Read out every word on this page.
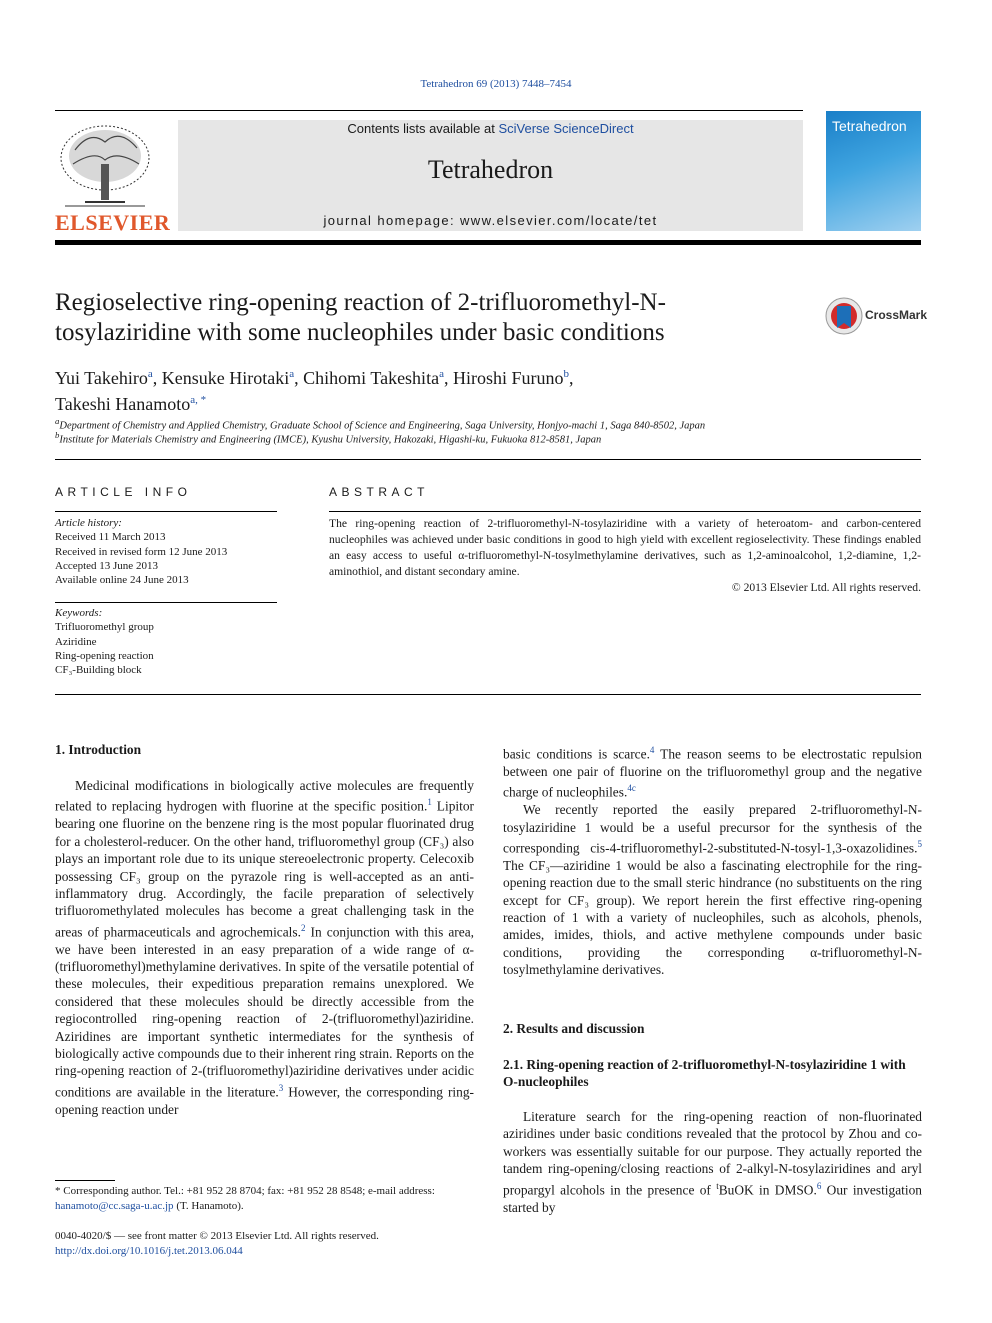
Tetrahedron 69 (2013) 7448–7454
ELSEVIER
Contents lists available at SciVerse ScienceDirect
Tetrahedron
journal homepage: www.elsevier.com/locate/tet
Tetrahedron
Regioselective ring-opening reaction of 2-trifluoromethyl-N-tosylaziridine with some nucleophiles under basic conditions
CrossMark
Yui Takehiro$^a$, Kensuke Hirotaki$^a$, Chihomi Takeshita$^a$, Hiroshi Furuno$^b$,
Takeshi Hanamoto$^{a, *}$
$^a$Department of Chemistry and Applied Chemistry, Graduate School of Science and Engineering, Saga University, Honjyo-machi 1, Saga 840-8502, Japan
$^b$Institute for Materials Chemistry and Engineering (IMCE), Kyushu University, Hakozaki, Higashi-ku, Fukuoka 812-8581, Japan
ARTICLE INFO
Article history:
Received 11 March 2013
Received in revised form 12 June 2013
Accepted 13 June 2013
Available online 24 June 2013
Keywords:
Trifluoromethyl group
Aziridine
Ring-opening reaction
CF₃-Building block
ABSTRACT
The ring-opening reaction of 2-trifluoromethyl-N-tosylaziridine with a variety of heteroatom- and carbon-centered nucleophiles was achieved under basic conditions in good to high yield with excellent regioselectivity. These findings enabled an easy access to useful α-trifluoromethyl-N-tosylmethylamine derivatives, such as 1,2-aminoalcohol, 1,2-diamine, 1,2-aminothiol, and distant secondary amine.
© 2013 Elsevier Ltd. All rights reserved.
1. Introduction

Medicinal modifications in biologically active molecules are frequently related to replacing hydrogen with fluorine at the specific position.$^1$ Lipitor bearing one fluorine on the benzene ring is the most popular fluorinated drug for a cholesterol-reducer. On the other hand, trifluoromethyl group (CF₃) also plays an important role due to its unique stereoelectronic property. Celecoxib possessing CF₃ group on the pyrazole ring is well-accepted as an anti-inflammatory drug. Accordingly, the facile preparation of selectively trifluoromethylated molecules has become a great challenging task in the areas of pharmaceuticals and agrochemicals.$^2$ In conjunction with this area, we have been interested in an easy preparation of a wide range of α-(trifluoromethyl)methylamine derivatives. In spite of the versatile potential of these molecules, their expeditious preparation remains unexplored. We considered that these molecules should be directly accessible from the regiocontrolled ring-opening reaction of 2-(trifluoromethyl)aziridine. Aziridines are important synthetic intermediates for the synthesis of biologically active compounds due to their inherent ring strain. Reports on the ring-opening reaction of 2-(trifluoromethyl)aziridine derivatives under acidic conditions are available in the literature.$^3$ However, the corresponding ring-opening reaction under

basic conditions is scarce.$^4$ The reason seems to be electrostatic repulsion between one pair of fluorine on the trifluoromethyl group and the negative charge of nucleophiles.$^{4c}$

We recently reported the easily prepared 2-trifluoromethyl-N-tosylaziridine 1 would be a useful precursor for the synthesis of the corresponding cis-4-trifluoromethyl-2-substituted-N-tosyl-1,3-oxazolidines.$^5$ The CF₃—aziridine 1 would be also a fascinating electrophile for the ring-opening reaction due to the small steric hindrance (no substituents on the ring except for CF₃ group). We report herein the first effective ring-opening reaction of 1 with a variety of nucleophiles, such as alcohols, phenols, amides, imides, thiols, and active methylene compounds under basic conditions, providing the corresponding α-trifluoromethyl-N-tosylmethylamine derivatives.

2. Results and discussion
2.1. Ring-opening reaction of 2-trifluoromethyl-N-tosylaziridine 1 with O-nucleophiles

Literature search for the ring-opening reaction of non-fluorinated aziridines under basic conditions revealed that the protocol by Zhou and co-workers was essentially suitable for our purpose. They actually reported the tandem ring-opening/closing reactions of 2-alkyl-N-tosylaziridines and aryl propargyl alcohols in the presence of $^t$BuOK in DMSO.$^6$ Our investigation started by

* Corresponding author. Tel.: +81 952 28 8704; fax: +81 952 28 8548; e-mail address: hanamoto@cc.saga-u.ac.jp (T. Hanamoto).
0040-4020/$ — see front matter © 2013 Elsevier Ltd. All rights reserved.
http://dx.doi.org/10.1016/j.tet.2013.06.044
